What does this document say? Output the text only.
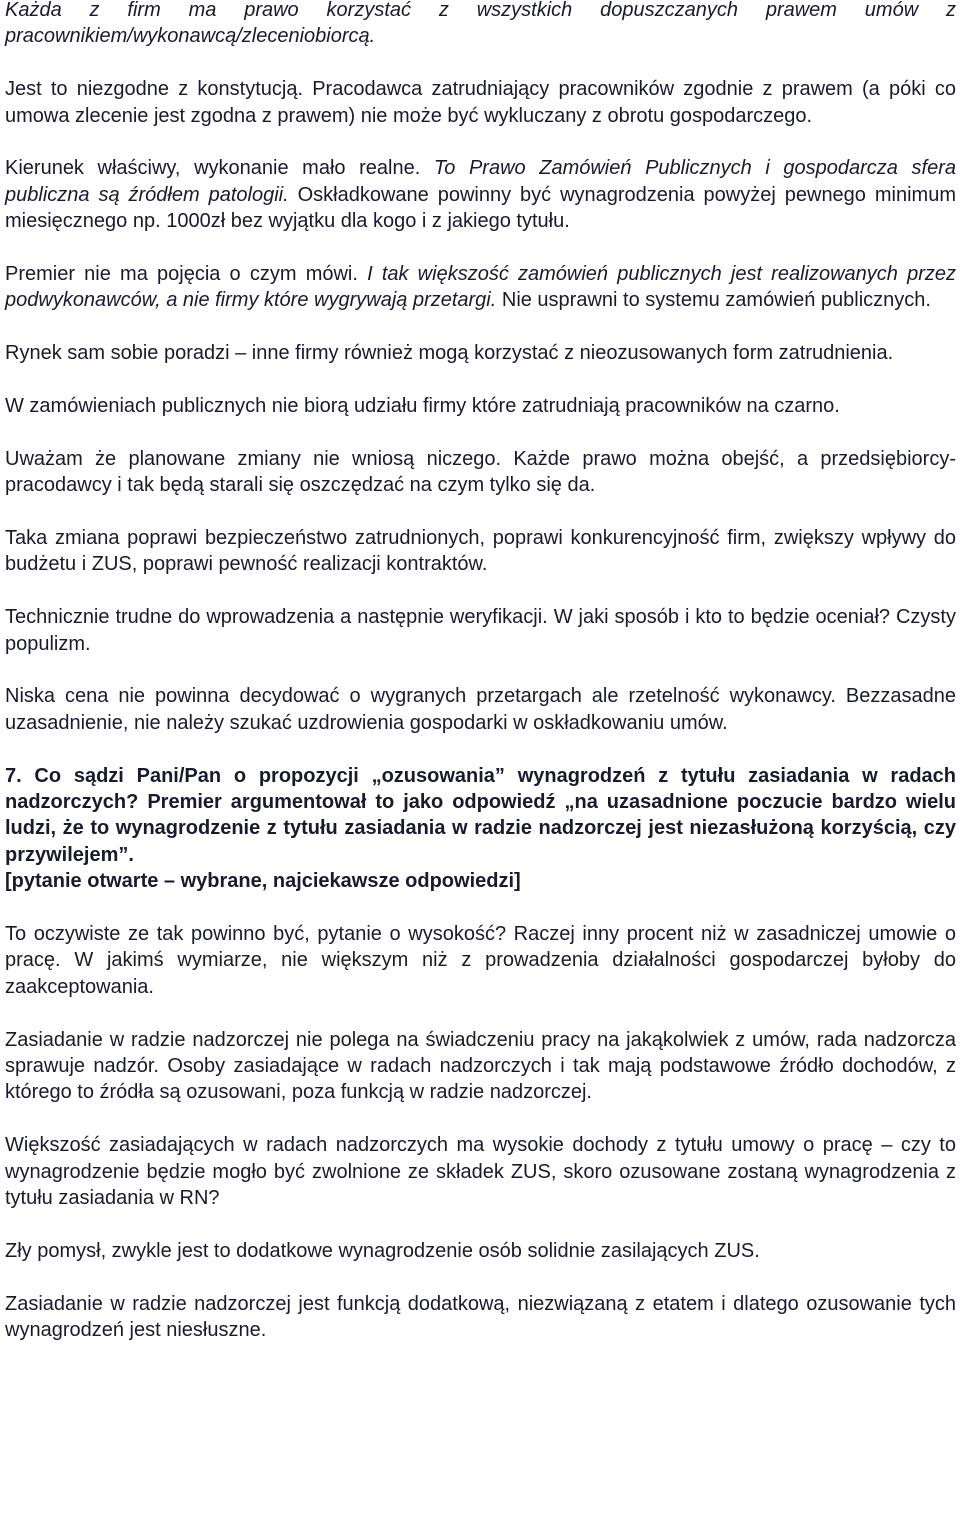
Każda z firm ma prawo korzystać z wszystkich dopuszczanych prawem umów z pracownikiem/wykonawcą/zleceniobiorcą.

Jest to niezgodne z konstytucją. Pracodawca zatrudniający pracowników zgodnie z prawem (a póki co umowa zlecenie jest zgodna z prawem) nie może być wykluczany z obrotu gospodarczego.

Kierunek właściwy, wykonanie mało realne. To Prawo Zamówień Publicznych i gospodarcza sfera publiczna są źródłem patologii. Oskładkowane powinny być wynagrodzenia powyżej pewnego minimum miesięcznego np. 1000zł bez wyjątku dla kogo i z jakiego tytułu.

Premier nie ma pojęcia o czym mówi. I tak większość zamówień publicznych jest realizowanych przez podwykonawców, a nie firmy które wygrywają przetargi. Nie usprawni to systemu zamówień publicznych.

Rynek sam sobie poradzi – inne firmy również mogą korzystać z nieozusowanych form zatrudnienia.

W zamówieniach publicznych nie biorą udziału firmy które zatrudniają pracowników na czarno.

Uważam że planowane zmiany nie wniosą niczego. Każde prawo można obejść, a przedsiębiorcy-pracodawcy i tak będą starali się oszczędzać na czym tylko się da.

Taka zmiana poprawi bezpieczeństwo zatrudnionych, poprawi konkurencyjność firm, zwiększy wpływy do budżetu i ZUS, poprawi pewność realizacji kontraktów.

Technicznie trudne do wprowadzenia a następnie weryfikacji. W jaki sposób i kto to będzie oceniał? Czysty populizm.

Niska cena nie powinna decydować o wygranych przetargach ale rzetelność wykonawcy. Bezzasadne uzasadnienie, nie należy szukać uzdrowienia gospodarki w oskładkowaniu umów.

7. Co sądzi Pani/Pan o propozycji „ozusowania” wynagrodzeń z tytułu zasiadania w radach nadzorczych? Premier argumentował to jako odpowiedź „na uzasadnione poczucie bardzo wielu ludzi, że to wynagrodzenie z tytułu zasiadania w radzie nadzorczej jest niezasłużoną korzyścią, czy przywilejem”.

[pytanie otwarte – wybrane, najciekawsze odpowiedzi]

To oczywiste ze tak powinno być, pytanie o wysokość? Raczej inny procent niż w zasadniczej umowie o pracę. W jakimś wymiarze, nie większym niż z prowadzenia działalności gospodarczej byłoby do zaakceptowania.

Zasiadanie w radzie nadzorczej nie polega na świadczeniu pracy na jakąkolwiek z umów, rada nadzorcza sprawuje nadzór. Osoby zasiadające w radach nadzorczych i tak mają podstawowe źródło dochodów, z którego to źródła są ozusowani, poza funkcją w radzie nadzorczej.

Większość zasiadających w radach nadzorczych ma wysokie dochody z tytułu umowy o pracę – czy to wynagrodzenie będzie mogło być zwolnione ze składek ZUS, skoro ozusowane zostaną wynagrodzenia z tytułu zasiadania w RN?

Zły pomysł, zwykle jest to dodatkowe wynagrodzenie osób solidnie zasilających ZUS.

Zasiadanie w radzie nadzorczej jest funkcją dodatkową, niezwiązaną z etatem i dlatego ozusowanie tych wynagrodzeń jest niesłuszne.
